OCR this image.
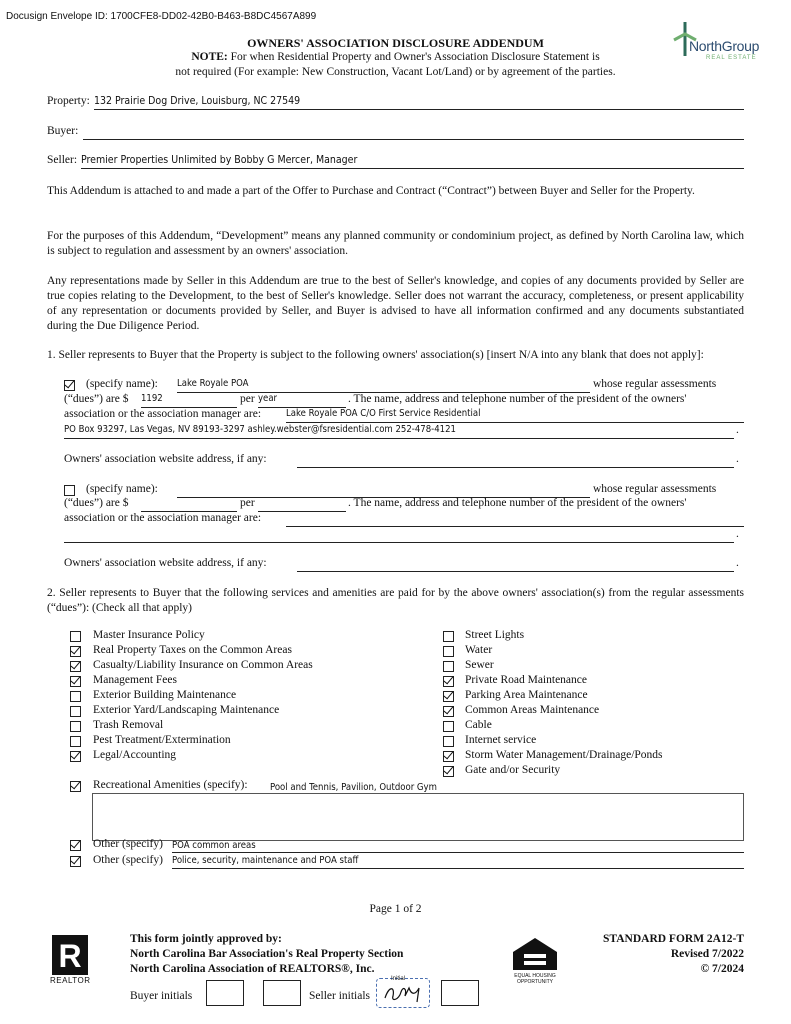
Docusign Envelope ID: 1700CFE8-DD02-42B0-B463-B8DC4567A899
NorthGroup
REAL ESTATE
OWNERS' ASSOCIATION DISCLOSURE ADDENDUM
NOTE: For when Residential Property and Owner's Association Disclosure Statement is
not required (For example: New Construction, Vacant Lot/Land) or by agreement of the parties.
Property: 132 Prairie Dog Drive, Louisburg, NC 27549
Buyer:
Seller: Premier Properties Unlimited by Bobby G Mercer, Manager
This Addendum is attached to and made a part of the Offer to Purchase and Contract (“Contract”) between Buyer and Seller for the Property.
For the purposes of this Addendum, “Development” means any planned community or condominium project, as defined by North Carolina law, which is subject to regulation and assessment by an owners' association.
Any representations made by Seller in this Addendum are true to the best of Seller's knowledge, and copies of any documents provided by Seller are true copies relating to the Development, to the best of Seller's knowledge. Seller does not warrant the accuracy, completeness, or present applicability of any representation or documents provided by Seller, and Buyer is advised to have all information confirmed and any documents substantiated during the Due Diligence Period.
1. Seller represents to Buyer that the Property is subject to the following owners' association(s) [insert N/A into any blank that does not apply]:
(specify name): Lake Royale POA	whose regular assessments
(“dues”) are $ 1192	per year	. The name, address and telephone number of the president of the owners'
association or the association manager are:	Lake Royale POA C/O First Service Residential
PO Box 93297, Las Vegas, NV 89193-3297 ashley.webster@fsresidential.com 252-478-4121	.
Owners' association website address, if any:	.
(specify name):	whose regular assessments
(“dues”) are $	per	. The name, address and telephone number of the president of the owners'
association or the association manager are:
.
Owners' association website address, if any:	.
2. Seller represents to Buyer that the following services and amenities are paid for by the above owners' association(s) from the regular assessments (“dues”): (Check all that apply)
Master Insurance Policy
Real Property Taxes on the Common Areas
Casualty/Liability Insurance on Common Areas
Management Fees
Exterior Building Maintenance
Exterior Yard/Landscaping Maintenance
Trash Removal
Pest Treatment/Extermination
Legal/Accounting
Street Lights
Water
Sewer
Private Road Maintenance
Parking Area Maintenance
Common Areas Maintenance
Cable
Internet service
Storm Water Management/Drainage/Ponds
Gate and/or Security
Recreational Amenities (specify): Pool and Tennis, Pavilion, Outdoor Gym
Other (specify) POA common areas
Other (specify) Police, security, maintenance and POA staff
Page 1 of 2
R
REALTOR
This form jointly approved by:
North Carolina Bar Association's Real Property Section
North Carolina Association of REALTORS®, Inc.
EQUAL HOUSING OPPORTUNITY
STANDARD FORM 2A12-T
Revised 7/2022
© 7/2024
Buyer initials	Seller initials
Initial
